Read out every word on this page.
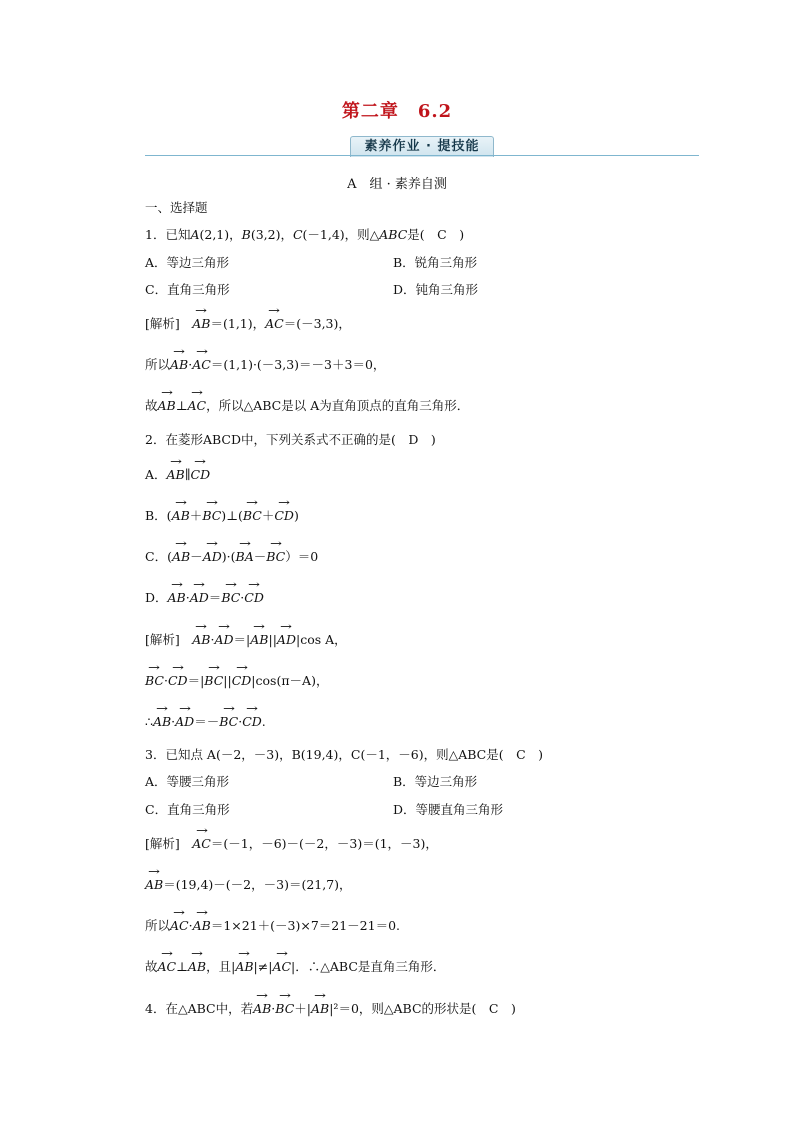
第二章　6.2
素养作业 · 提技能
A　组 · 素养自测
一、选择题
1．已知A(2,1)，B(3,2)，C(－1,4)，则△ABC是(　C　)
A．等边三角形	B．锐角三角形
C．直角三角形	D．钝角三角形
[解析]　 → AB＝(1,1)，→ AC＝(－3,3)，
所以→ AB·→ AC＝(1,1)·(－3,3)＝－3＋3＝0，
故→ AB⊥→ AC，所以△ABC是以 A为直角顶点的直角三角形．
2．在菱形ABCD中，下列关系式不正确的是(　D　)
A．→ AB∥→ CD
B．(→ AB＋→ BC)⊥(→ BC＋→ CD)
C．(→ AB－→ AD)·(→ BA－→ BC）＝0
D．→ AB·→ AD＝→ BC·→ CD
[解析]　 → AB·→ AD＝|→ AB||→ AD|cos A，
→ BC·→ CD＝|→ BC||→ CD|cos(π－A)，
∴→ AB·→ AD＝－→ BC·→ CD.
3．已知点 A(－2，－3)，B(19,4)，C(－1，－6)，则△ABC是(　C　)
A．等腰三角形	B．等边三角形
C．直角三角形	D．等腰直角三角形
[解析]　 → AC＝(－1，－6)－(－2，－3)＝(1，－3)，
→ AB＝(19,4)－(－2，－3)＝(21,7)，
所以→ AC·→ AB＝1×21＋(－3)×7＝21－21＝0.
故→ AC⊥→ AB，且|→ AB|≠|→ AC|．∴△ABC是直角三角形．
4．在△ABC中，若→ AB·→ BC＋|→ AB|²＝0，则△ABC的形状是(　C　)
